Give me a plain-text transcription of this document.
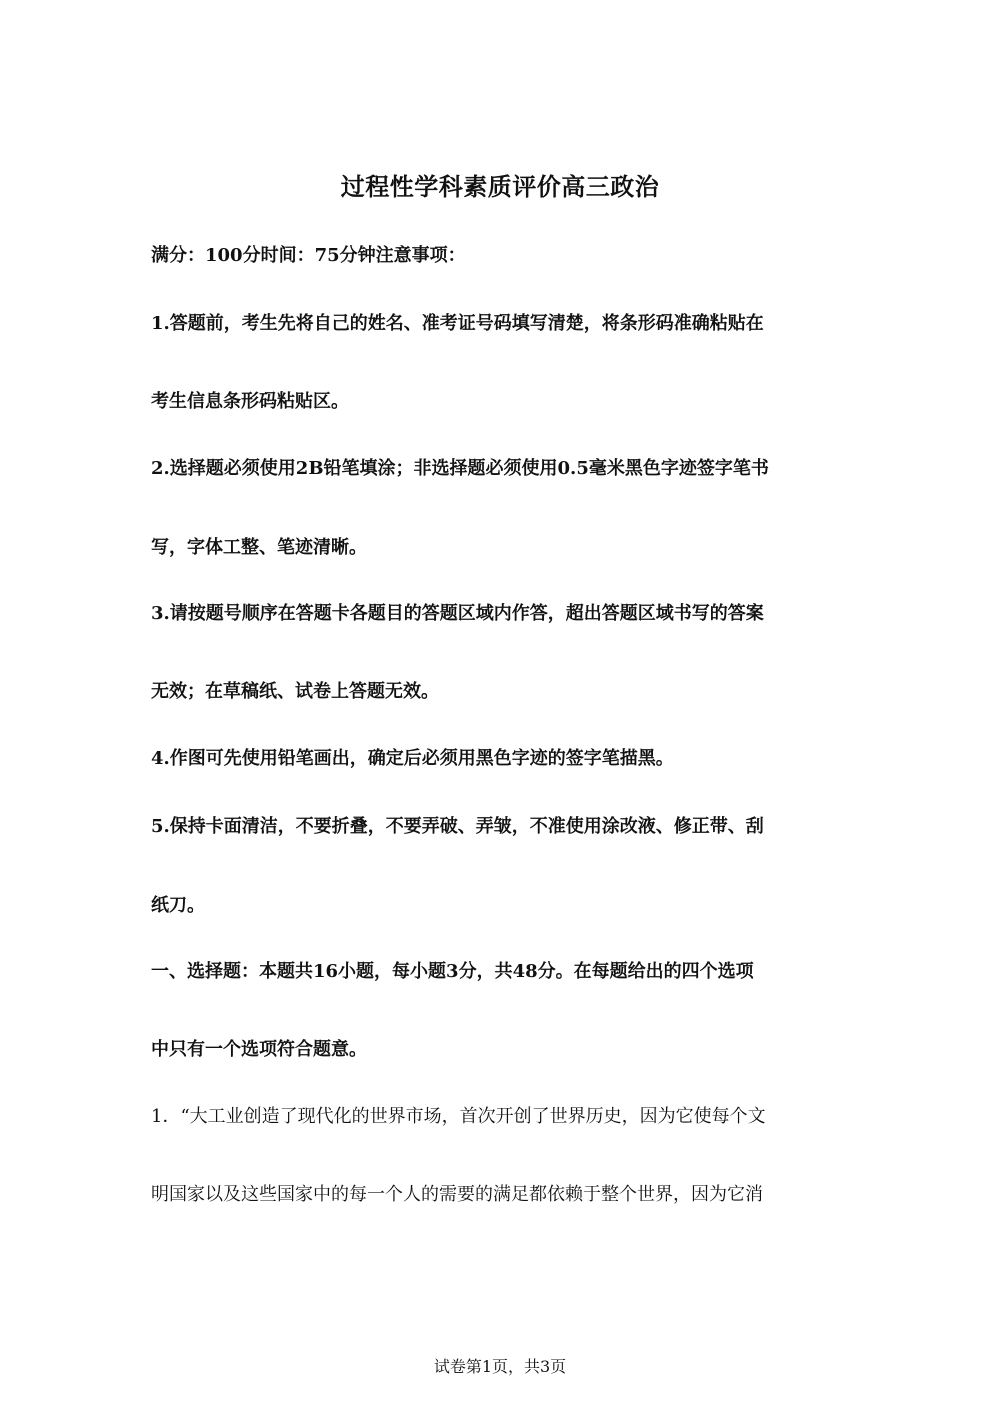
过程性学科素质评价高三政治
满分：100分时间：75分钟注意事项：
1.答题前，考生先将自己的姓名、准考证号码填写清楚，将条形码准确粘贴在
考生信息条形码粘贴区。
2.选择题必须使用2B铅笔填涂；非选择题必须使用0.5毫米黑色字迹签字笔书
写，字体工整、笔迹清晰。
3.请按题号顺序在答题卡各题目的答题区域内作答，超出答题区域书写的答案
无效；在草稿纸、试卷上答题无效。
4.作图可先使用铅笔画出，确定后必须用黑色字迹的签字笔描黑。
5.保持卡面清洁，不要折叠，不要弄破、弄皱，不准使用涂改液、修正带、刮
纸刀。
一、选择题：本题共16小题，每小题3分，共48分。在每题给出的四个选项
中只有一个选项符合题意。
1．“大工业创造了现代化的世界市场，首次开创了世界历史，因为它使每个文
明国家以及这些国家中的每一个人的需要的满足都依赖于整个世界，因为它消
试卷第1页，共3页
